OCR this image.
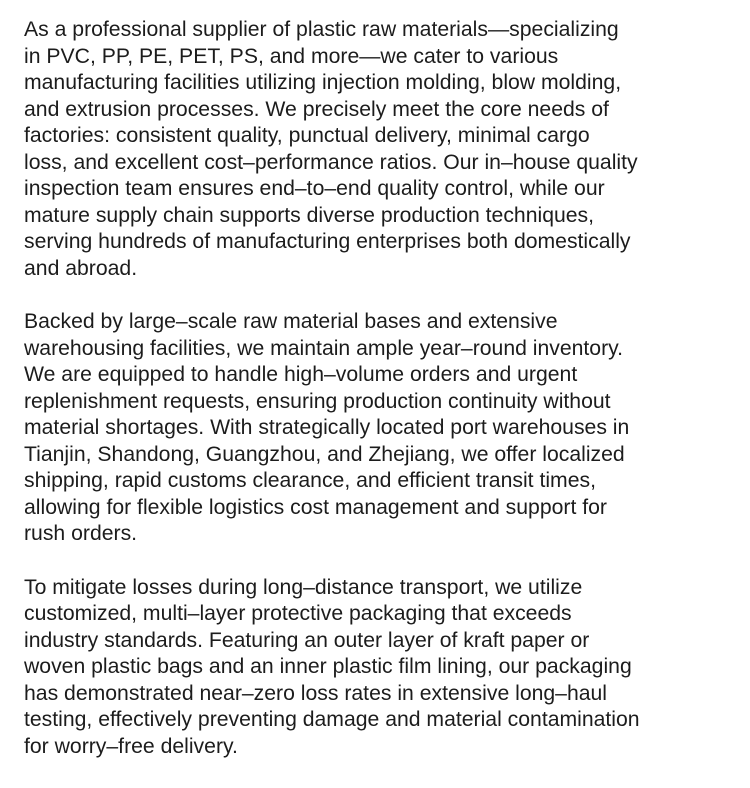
As a professional supplier of plastic raw materials—specializing
in PVC, PP, PE, PET, PS, and more—we cater to various
manufacturing facilities utilizing injection molding, blow molding,
and extrusion processes. We precisely meet the core needs of
factories: consistent quality, punctual delivery, minimal cargo
loss, and excellent cost–performance ratios. Our in–house quality
inspection team ensures end–to–end quality control, while our
mature supply chain supports diverse production techniques,
serving hundreds of manufacturing enterprises both domestically
and abroad.

Backed by large–scale raw material bases and extensive
warehousing facilities, we maintain ample year–round inventory.
We are equipped to handle high–volume orders and urgent
replenishment requests, ensuring production continuity without
material shortages. With strategically located port warehouses in
Tianjin, Shandong, Guangzhou, and Zhejiang, we offer localized
shipping, rapid customs clearance, and efficient transit times,
allowing for flexible logistics cost management and support for
rush orders.

To mitigate losses during long–distance transport, we utilize
customized, multi–layer protective packaging that exceeds
industry standards. Featuring an outer layer of kraft paper or
woven plastic bags and an inner plastic film lining, our packaging
has demonstrated near–zero loss rates in extensive long–haul
testing, effectively preventing damage and material contamination
for worry–free delivery.
